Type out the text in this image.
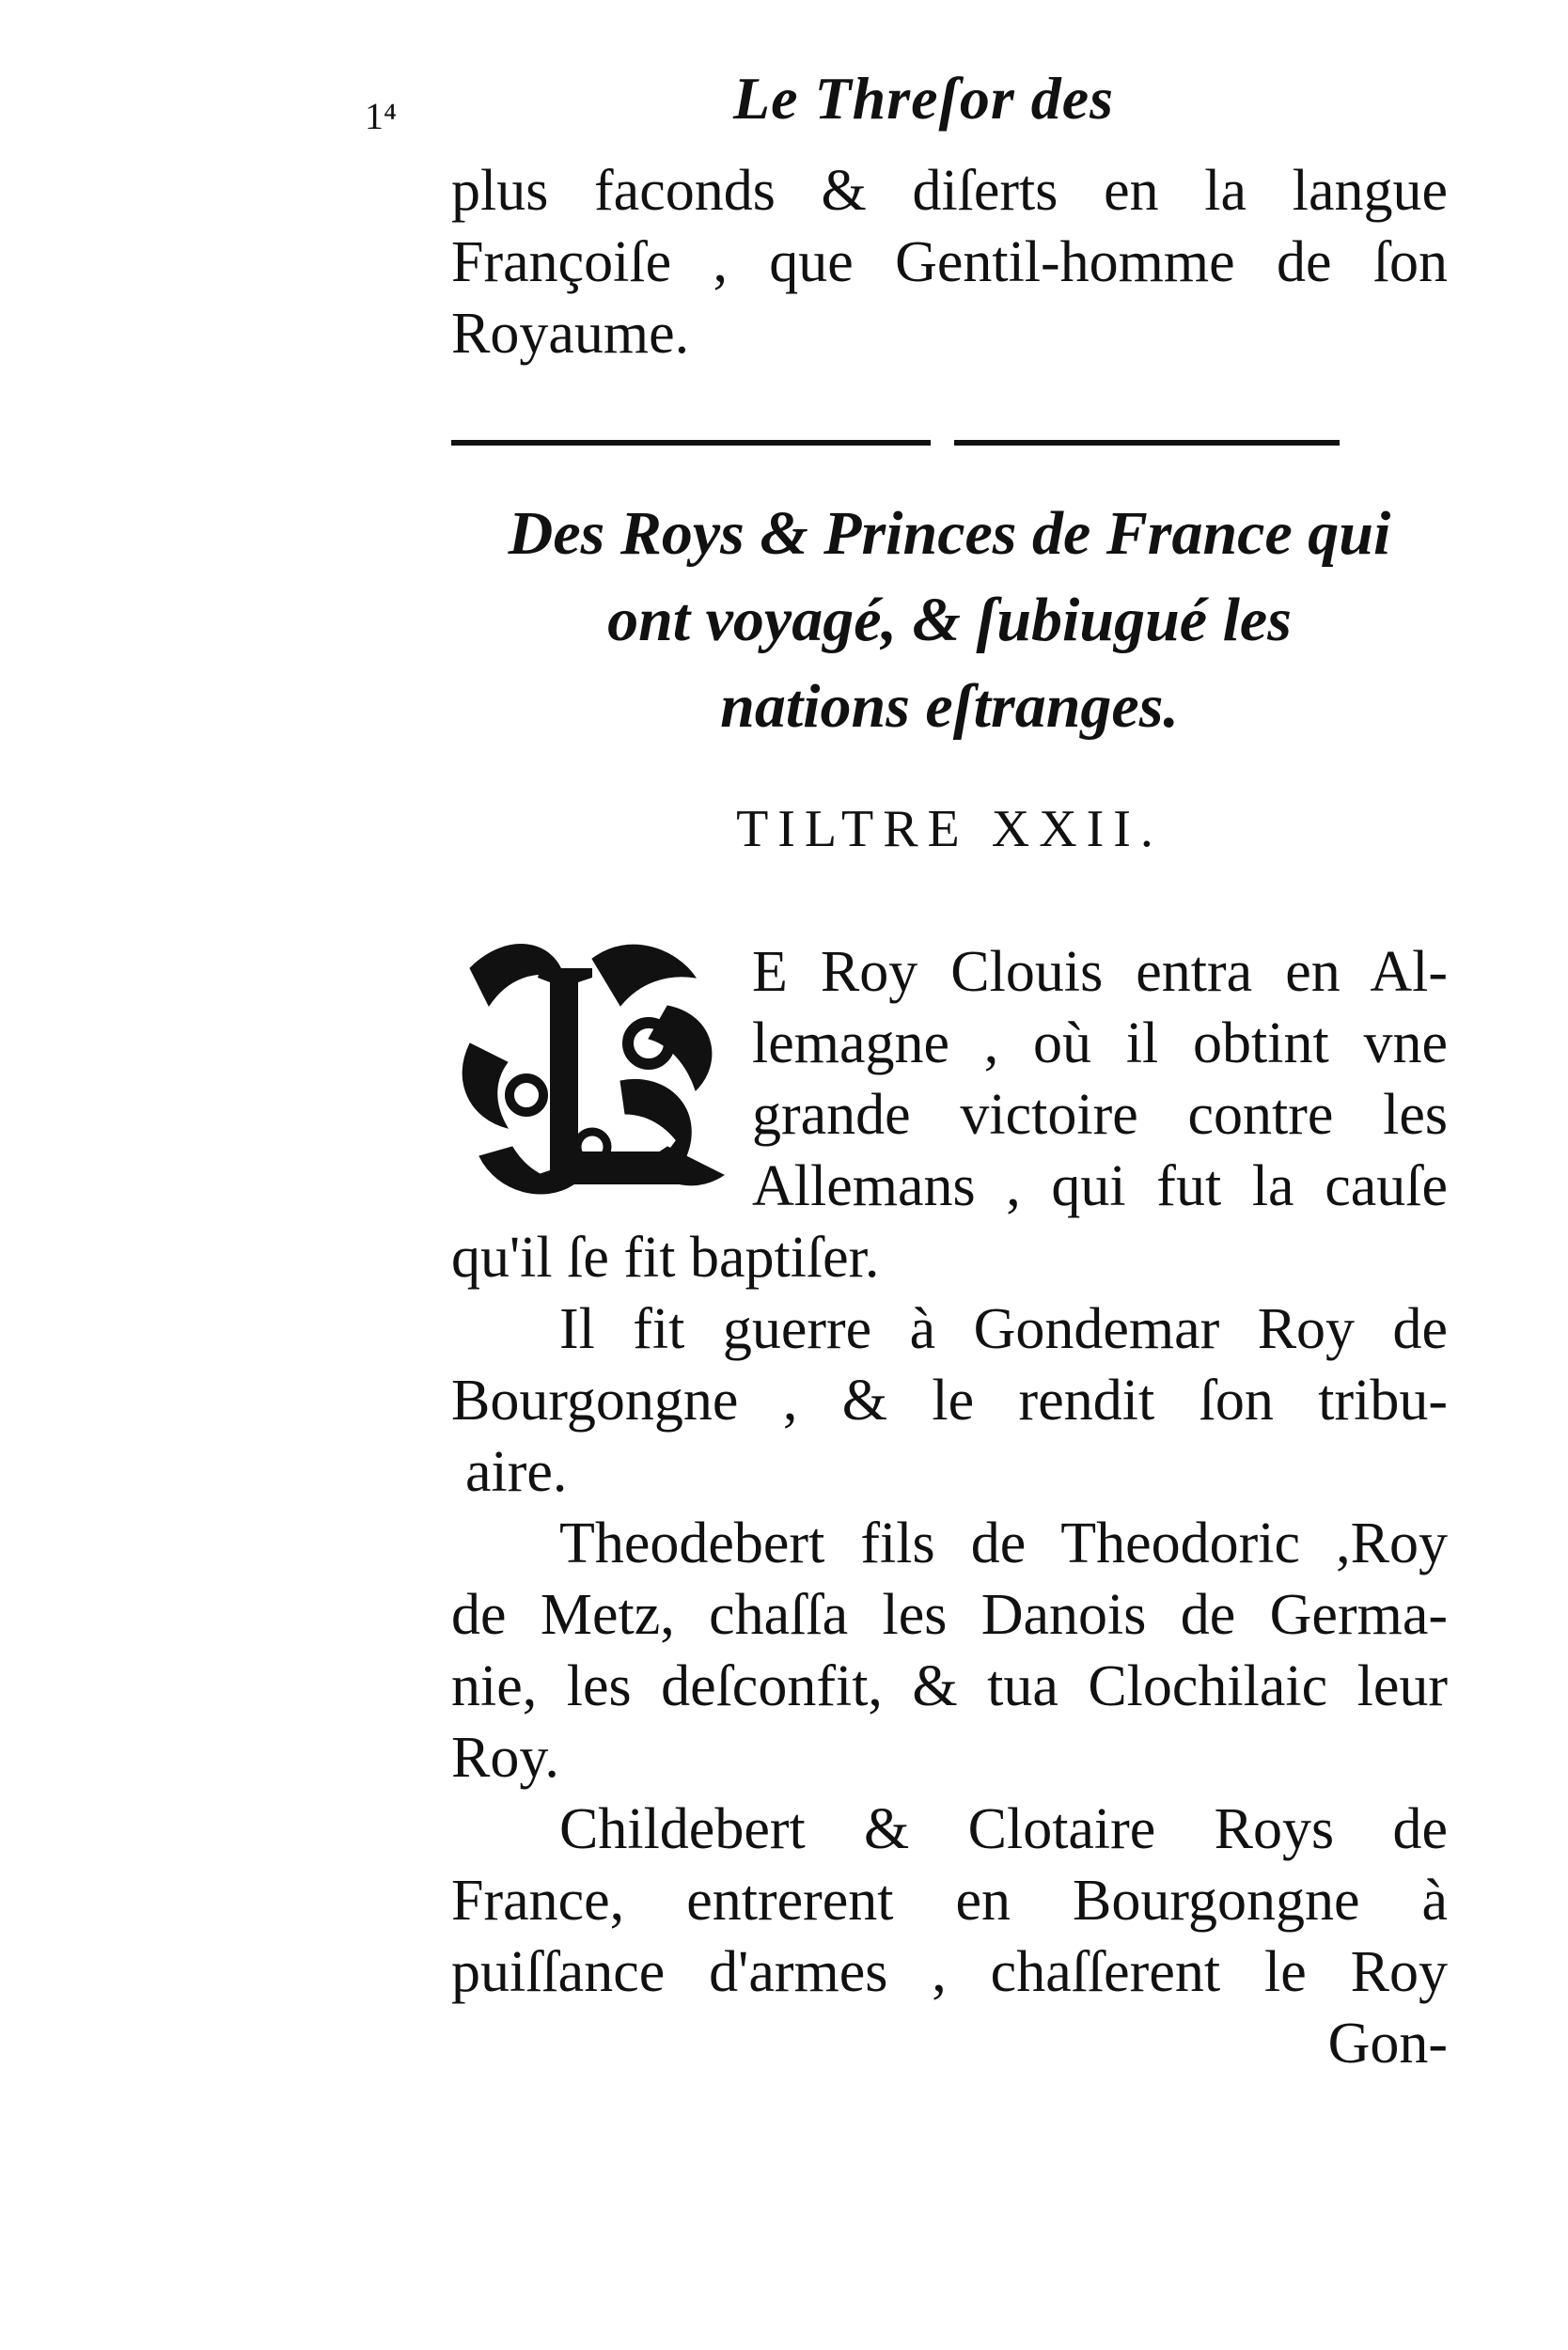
1⁴	Le Threſor des
plus faconds & diſerts en la langue
Françoiſe , que Gentil-homme de ſon
Royaume.
Des Roys & Princes de France qui
ont voyagé, & ſubiugué les
nations eſtranges.
TILTRE XXII.
E Roy Clouis entra en Al-
lemagne , où il obtint vne
grande victoire contre les
Allemans , qui fut la cauſe
qu'il ſe fit baptiſer.
Il fit guerre à Gondemar Roy de
Bourgongne , & le rendit ſon tribu-
aire.
Theodebert fils de Theodoric ,Roy
de Metz, chaſſa les Danois de Germa-
nie, les deſconfit, & tua Clochilaic leur
Roy.
Childebert & Clotaire Roys de
France, entrerent en Bourgongne à
puiſſance d'armes , chaſſerent le Roy
Gon-
